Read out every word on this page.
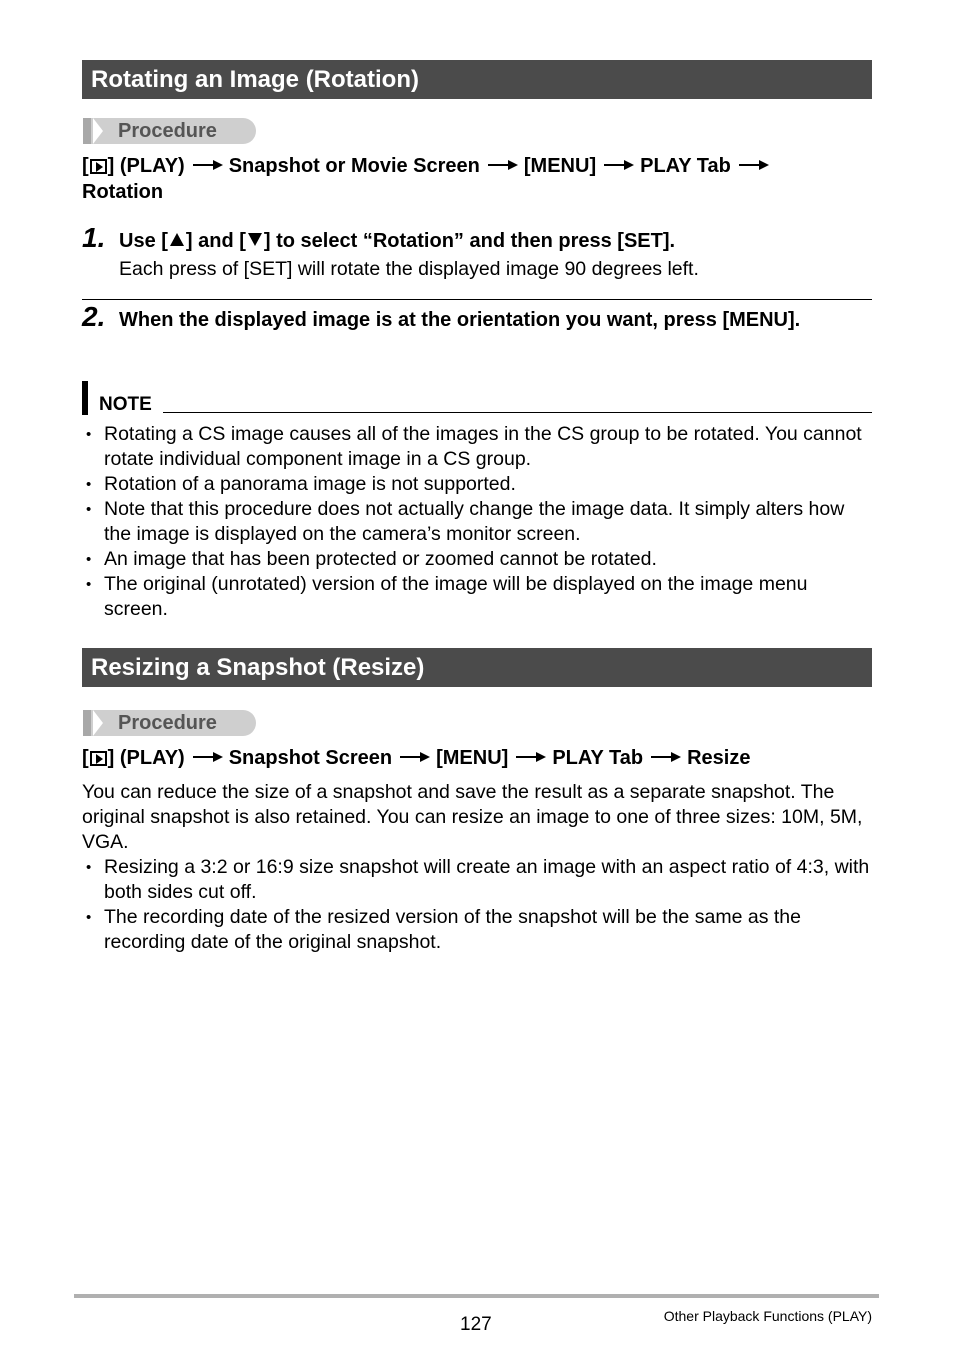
Rotating an Image (Rotation)
Procedure
[ ] (PLAY) Snapshot or Movie Screen [MENU] PLAY Tab
Rotation
1. Use [ ] and [ ] to select “Rotation” and then press [SET].
Each press of [SET] will rotate the displayed image 90 degrees left.
2. When the displayed image is at the orientation you want, press [MENU].
NOTE
• Rotating a CS image causes all of the images in the CS group to be rotated. You cannot rotate individual component image in a CS group.
• Rotation of a panorama image is not supported.
• Note that this procedure does not actually change the image data. It simply alters how the image is displayed on the camera’s monitor screen.
• An image that has been protected or zoomed cannot be rotated.
• The original (unrotated) version of the image will be displayed on the image menu screen.
Resizing a Snapshot (Resize)
Procedure
[ ] (PLAY) Snapshot Screen [MENU] PLAY Tab Resize
You can reduce the size of a snapshot and save the result as a separate snapshot. The original snapshot is also retained. You can resize an image to one of three sizes: 10M, 5M, VGA.
• Resizing a 3:2 or 16:9 size snapshot will create an image with an aspect ratio of 4:3, with both sides cut off.
• The recording date of the resized version of the snapshot will be the same as the recording date of the original snapshot.
127	Other Playback Functions (PLAY)
